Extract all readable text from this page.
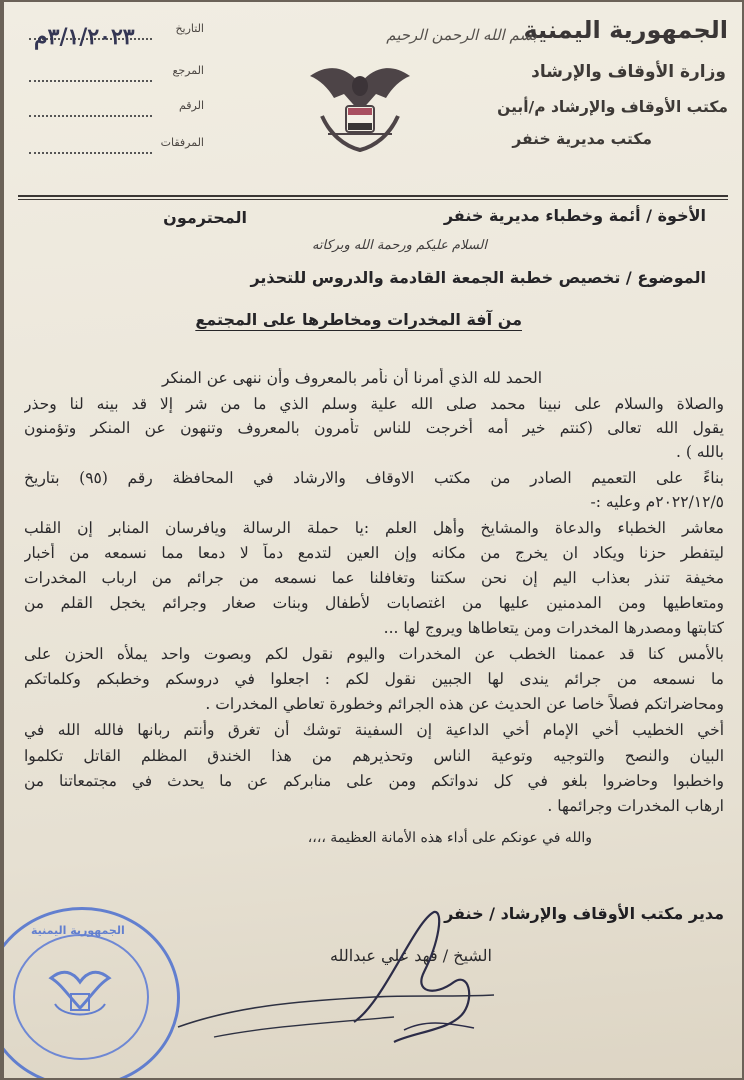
الجمهورية اليمنية
بسم الله الرحمن الرحيم
وزارة الأوقاف والإرشاد
مكتب الأوقاف والإرشاد م/أبين
مكتب مديرية خنفر
التاريخ
٣/١/٢٠٢٣م
المرجع
الرقم
المرفقات
الأخوة / أئمة وخطباء مديرية خنفر
المحترمون
السلام عليكم ورحمة الله وبركاته
الموضوع / تخصيص خطبة الجمعة القادمة والدروس للتحذير
من آفة المخدرات ومخاطرها على المجتمع
الحمد لله الذي أمرنا أن نأمر بالمعروف وأن ننهى عن المنكر
والصلاة والسلام على نبينا محمد صلى الله علية وسلم الذي ما من شر إلا قد بينه لنا وحذر
يقول الله تعالى (كنتم خير أمه أخرجت للناس تأمرون بالمعروف وتنهون عن المنكر وتؤمنون
بالله ) .
بناءً على التعميم الصادر من مكتب الاوقاف والارشاد في المحافظة رقم (٩٥) بتاريخ
٢٠٢٢/١٢/٥م وعليه :-
معاشر الخطباء والدعاة والمشايخ وأهل العلم :يا حملة الرسالة ويافرسان المنابر إن القلب
ليتفطر حزنا ويكاد ان يخرج من مكانه وإن العين لتدمع دماً لا دمعا مما نسمعه من أخبار
مخيفة تنذر بعذاب اليم إن نحن سكتنا وتغافلنا عما نسمعه من جرائم من ارباب المخدرات
ومتعاطيها ومن المدمنين عليها من اغتصابات لأطفال وبنات صغار وجرائم يخجل القلم من
كتابتها ومصدرها المخدرات ومن يتعاطاها ويروج لها ...
بالأمس كنا قد عممنا الخطب عن المخدرات واليوم نقول لكم وبصوت واحد يملأه الحزن على
ما نسمعه من جرائم يندى لها الجبين نقول لكم : اجعلوا في دروسكم وخطبكم وكلماتكم
ومحاضراتكم فصلاً خاصا عن الحديث عن هذه الجرائم وخطورة تعاطي المخدرات .
أخي الخطيب أخي الإمام أخي الداعية إن السفينة توشك أن تغرق وأنتم ربانها فالله الله في
البيان والنصح والتوجيه وتوعية الناس وتحذيرهم من هذا الخندق المظلم القاتل تكلموا
واخطبوا وحاضروا بلغو في كل ندواتكم ومن على منابركم عن ما يحدث في مجتمعاتنا من
ارهاب المخدرات وجرائمها .
والله في عونكم على أداء هذه الأمانة العظيمة ،،،،
مدير مكتب الأوقاف والإرشاد / خنفر
الشيخ / فهد علي عبدالله
الجمهورية اليمنية
